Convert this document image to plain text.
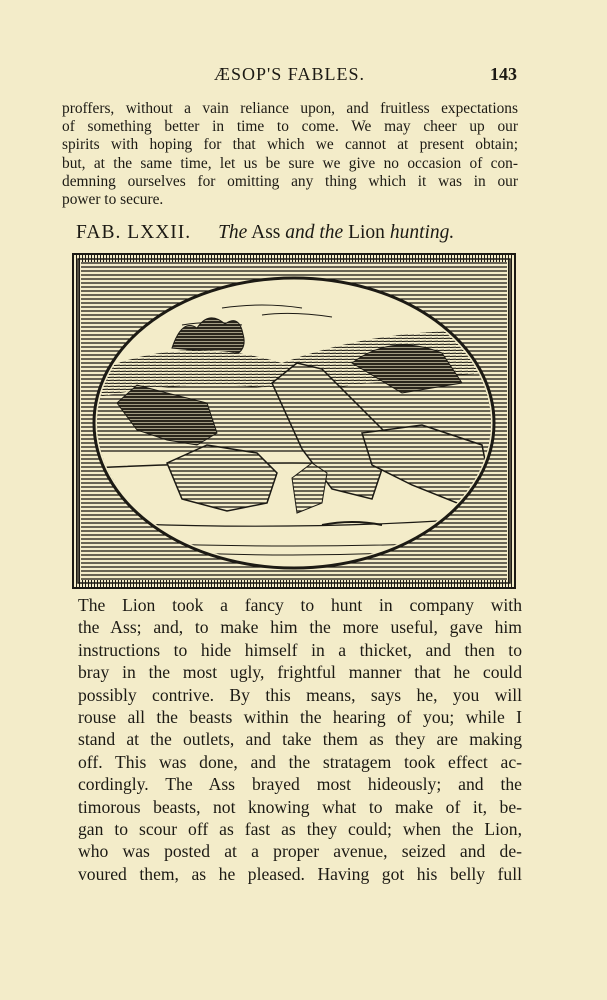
ÆSOP'S FABLES.	143
proffers, without a vain reliance upon, and fruitless expectations
of something better in time to come. We may cheer up our
spirits with hoping for that which we cannot at present obtain;
but, at the same time, let us be sure we give no occasion of con-
demning ourselves for omitting any thing which it was in our
power to secure.
FAB. LXXII. The Ass and the Lion hunting.
The Lion took a fancy to hunt in company with
the Ass; and, to make him the more useful, gave him
instructions to hide himself in a thicket, and then to
bray in the most ugly, frightful manner that he could
possibly contrive. By this means, says he, you will
rouse all the beasts within the hearing of you; while I
stand at the outlets, and take them as they are making
off. This was done, and the stratagem took effect ac-
cordingly. The Ass brayed most hideously; and the
timorous beasts, not knowing what to make of it, be-
gan to scour off as fast as they could; when the Lion,
who was posted at a proper avenue, seized and de-
voured them, as he pleased. Having got his belly full
